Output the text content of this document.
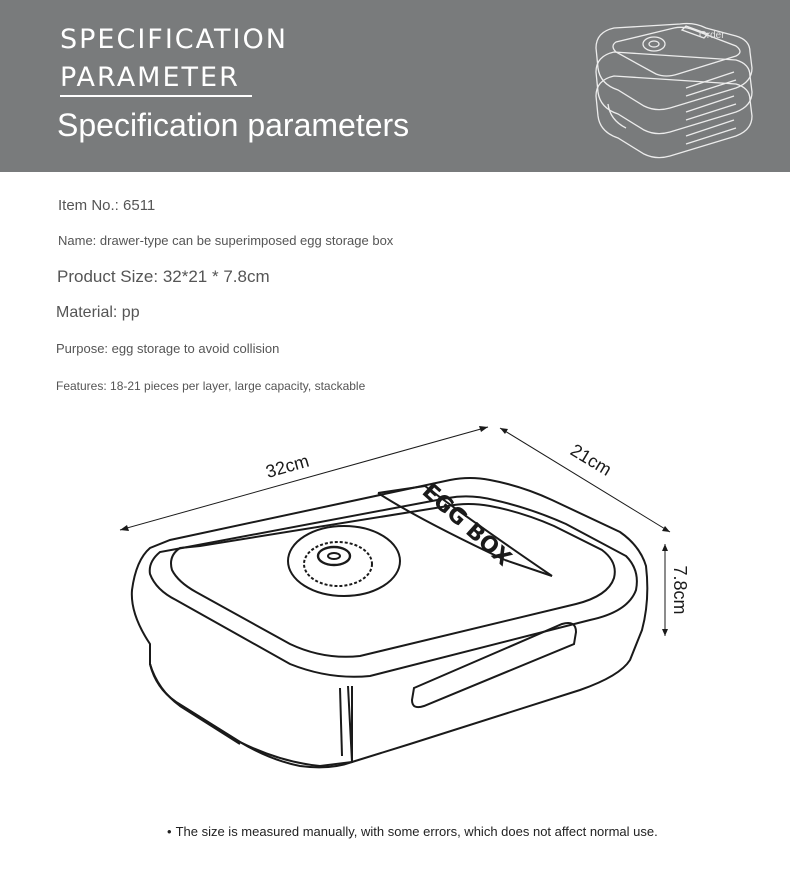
SPECIFICATION
PARAMETER
Specification parameters
Order
Item No.: 6511
Name: drawer-type can be superimposed egg storage box
Product Size: 32*21 * 7.8cm
Material: pp
Purpose: egg storage to avoid collision
Features: 18-21 pieces per layer, large capacity, stackable
32cm	21cm
7.8cm
EGG BOX
• The size is measured manually, with some errors, which does not affect normal use.
